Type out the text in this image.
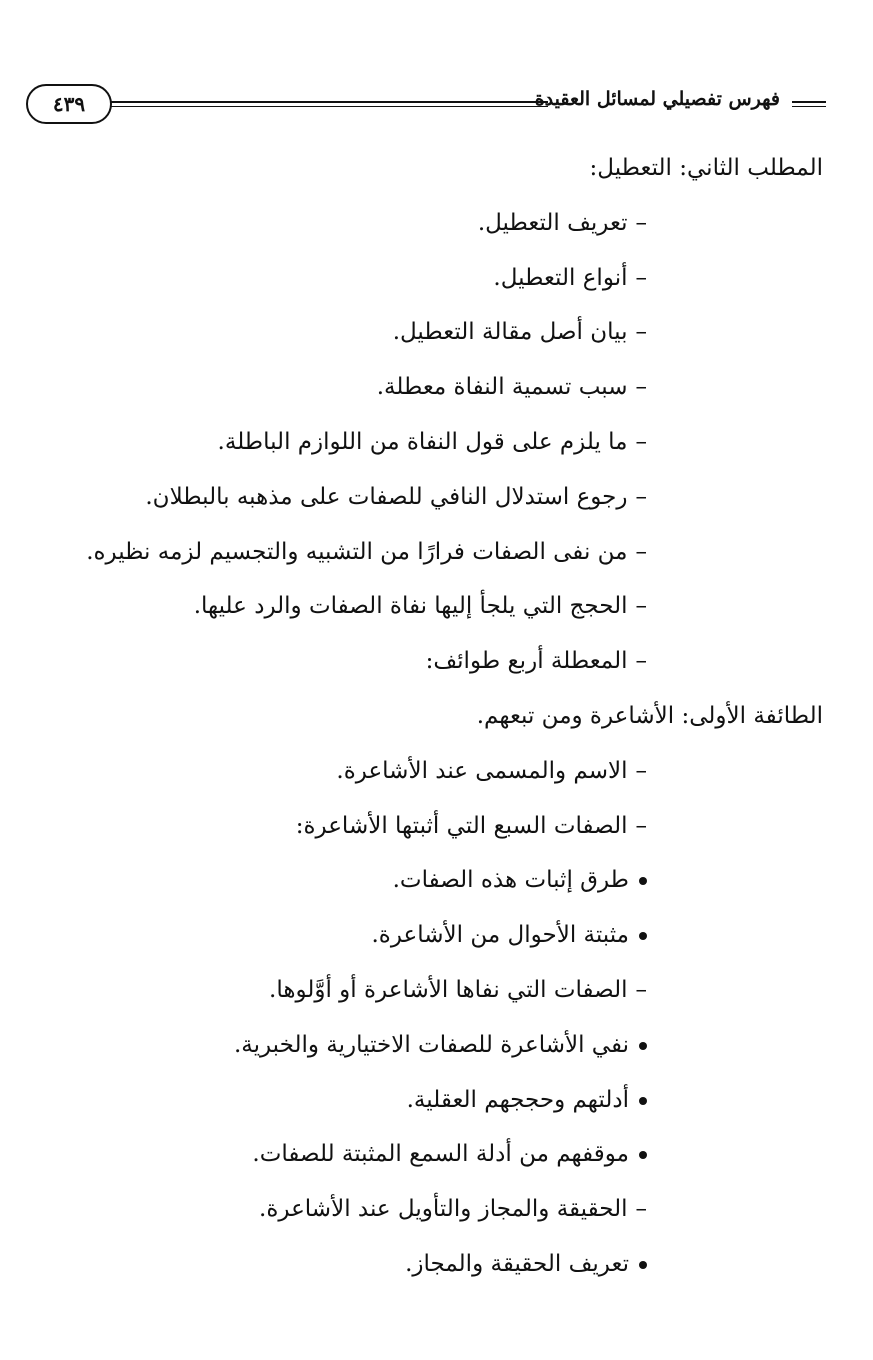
٤٣٩	فهرس تفصيلي لمسائل العقيدة
المطلب الثاني: التعطيل:
–تعريف التعطيل.
–أنواع التعطيل.
–بيان أصل مقالة التعطيل.
–سبب تسمية النفاة معطلة.
–ما يلزم على قول النفاة من اللوازم الباطلة.
–رجوع استدلال النافي للصفات على مذهبه بالبطلان.
–من نفى الصفات فرارًا من التشبيه والتجسيم لزمه نظيره.
–الحجج التي يلجأ إليها نفاة الصفات والرد عليها.
–المعطلة أربع طوائف:
الطائفة الأولى: الأشاعرة ومن تبعهم.
–الاسم والمسمى عند الأشاعرة.
–الصفات السبع التي أثبتها الأشاعرة:
طرق إثبات هذه الصفات.
مثبتة الأحوال من الأشاعرة.
–الصفات التي نفاها الأشاعرة أو أوَّلوها.
نفي الأشاعرة للصفات الاختيارية والخبرية.
أدلتهم وحججهم العقلية.
موقفهم من أدلة السمع المثبتة للصفات.
–الحقيقة والمجاز والتأويل عند الأشاعرة.
تعريف الحقيقة والمجاز.
